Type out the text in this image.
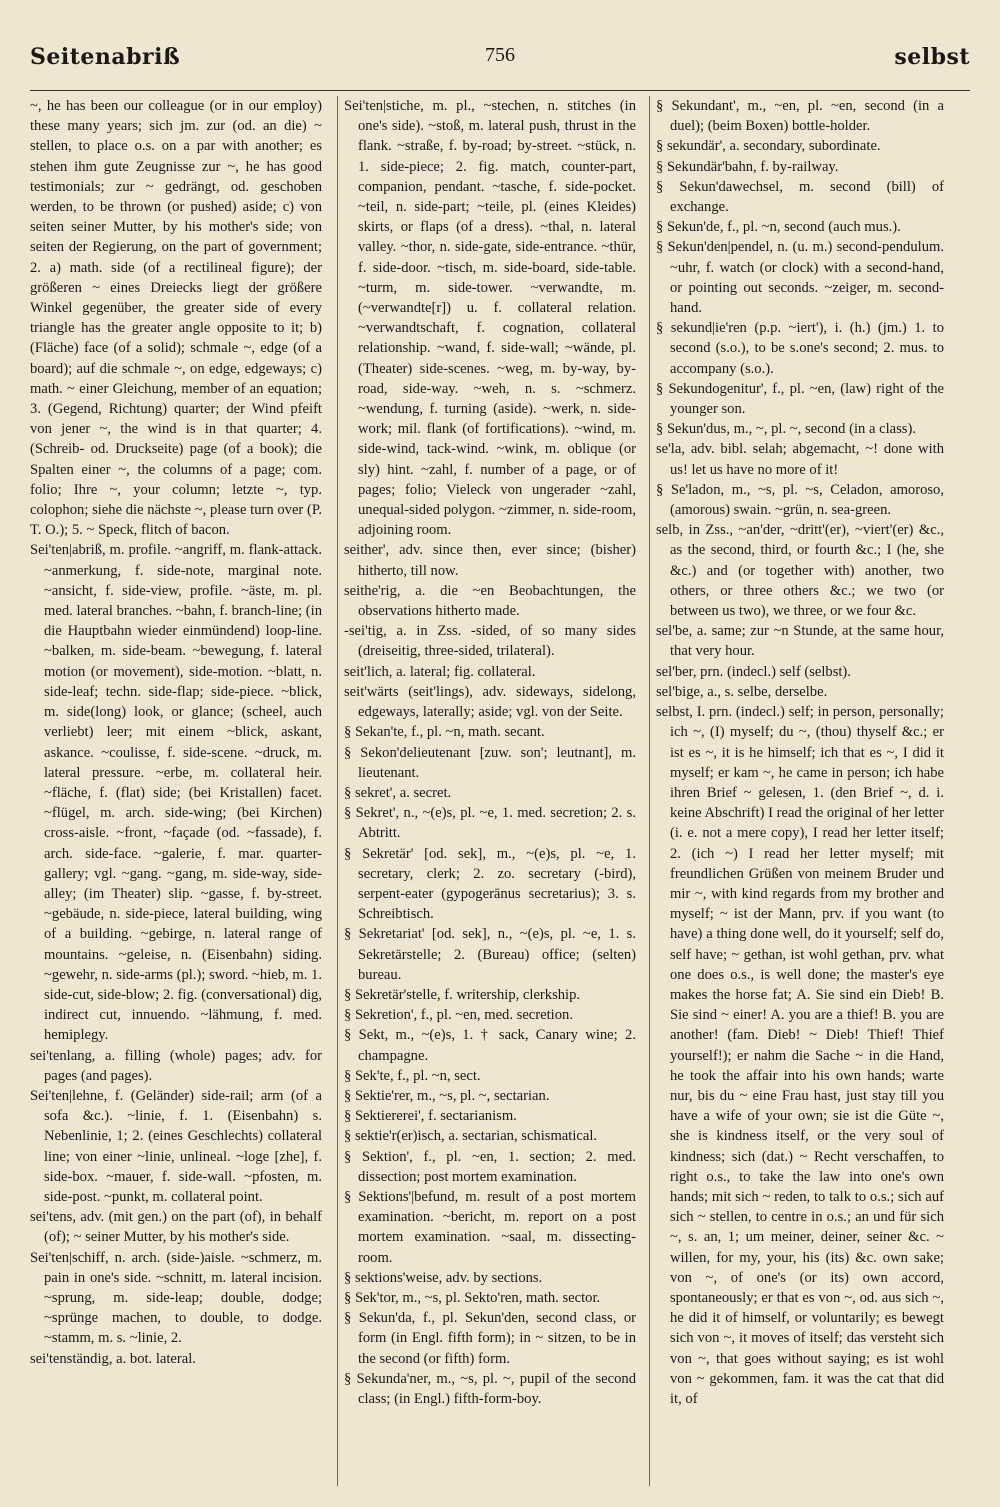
Seitenabriß	756	selbst

~, he has been our colleague (or in our employ) these many years; sich jm. zur (od. an die) ~ stellen, to place o.s. on a par with another; es stehen ihm gute Zeugnisse zur ~, he has good testimonials; zur ~ gedrängt, od. geschoben werden, to be thrown (or pushed) aside; c) von seiten seiner Mutter, by his mother's side; von seiten der Regierung, on the part of government; 2. a) math. side (of a rectilineal figure); der größeren ~ eines Dreiecks liegt der größere Winkel gegenüber, the greater side of every triangle has the greater angle opposite to it; b) (Fläche) face (of a solid); schmale ~, edge (of a board); auf die schmale ~, on edge, edgeways; c) math. ~ einer Gleichung, member of an equation; 3. (Gegend, Richtung) quarter; der Wind pfeift von jener ~, the wind is in that quarter; 4. (Schreib- od. Druckseite) page (of a book); die Spalten einer ~, the columns of a page; com. folio; Ihre ~, your column; letzte ~, typ. colophon; siehe die nächste ~, please turn over (P. T. O.); 5. ~ Speck, flitch of bacon.

Sei'ten|abriß, m. profile. ~angriff, m. flank-attack. ~anmerkung, f. side-note, marginal note. ~ansicht, f. side-view, profile. ~äste, m. pl. med. lateral branches. ~bahn, f. branch-line; (in die Hauptbahn wieder einmündend) loop-line. ~balken, m. side-beam. ~bewegung, f. lateral motion (or movement), side-motion. ~blatt, n. side-leaf; techn. side-flap; side-piece. ~blick, m. side(long) look, or glance; (scheel, auch verliebt) leer; mit einem ~blick, askant, askance. ~coulisse, f. side-scene. ~druck, m. lateral pressure. ~erbe, m. collateral heir. ~fläche, f. (flat) side; (bei Kristallen) facet. ~flügel, m. arch. side-wing; (bei Kirchen) cross-aisle. ~front, ~façade (od. ~fassade), f. arch. side-face. ~galerie, f. mar. quarter-gallery; vgl. ~gang. ~gang, m. side-way, side-alley; (im Theater) slip. ~gasse, f. by-street. ~gebäude, n. side-piece, lateral building, wing of a building. ~gebirge, n. lateral range of mountains. ~geleise, n. (Eisenbahn) siding. ~gewehr, n. side-arms (pl.); sword. ~hieb, m. 1. side-cut, side-blow; 2. fig. (conversational) dig, indirect cut, innuendo. ~lähmung, f. med. hemiplegy.

sei'tenlang, a. filling (whole) pages; adv. for pages (and pages).

Sei'ten|lehne, f. (Geländer) side-rail; arm (of a sofa &c.). ~linie, f. 1. (Eisenbahn) s. Nebenlinie, 1; 2. (eines Geschlechts) collateral line; von einer ~linie, unlineal. ~loge [zhe], f. side-box. ~mauer, f. side-wall. ~pfosten, m. side-post. ~punkt, m. collateral point.

sei'tens, adv. (mit gen.) on the part (of), in behalf (of); ~ seiner Mutter, by his mother's side.

Sei'ten|schiff, n. arch. (side-)aisle. ~schmerz, m. pain in one's side. ~schnitt, m. lateral incision. ~sprung, m. side-leap; double, dodge; ~sprünge machen, to double, to dodge. ~stamm, m. s. ~linie, 2.

sei'tenständig, a. bot. lateral.

Sei'ten|stiche, m. pl., ~stechen, n. stitches (in one's side). ~stoß, m. lateral push, thrust in the flank. ~straße, f. by-road; by-street. ~stück, n. 1. side-piece; 2. fig. match, counter-part, companion, pendant. ~tasche, f. side-pocket. ~teil, n. side-part; ~teile, pl. (eines Kleides) skirts, or flaps (of a dress). ~thal, n. lateral valley. ~thor, n. side-gate, side-entrance. ~thür, f. side-door. ~tisch, m. side-board, side-table. ~turm, m. side-tower. ~verwandte, m. (~verwandte[r]) u. f. collateral relation. ~verwandtschaft, f. cognation, collateral relationship. ~wand, f. side-wall; ~wände, pl. (Theater) side-scenes. ~weg, m. by-way, by-road, side-way. ~weh, n. s. ~schmerz. ~wendung, f. turning (aside). ~werk, n. side-work; mil. flank (of fortifications). ~wind, m. side-wind, tack-wind. ~wink, m. oblique (or sly) hint. ~zahl, f. number of a page, or of pages; folio; Vieleck von ungerader ~zahl, unequal-sided polygon. ~zimmer, n. side-room, adjoining room.

seither', adv. since then, ever since; (bisher) hitherto, till now.

seithe'rig, a. die ~en Beobachtungen, the observations hitherto made.

-sei'tig, a. in Zss. -sided, of so many sides (dreiseitig, three-sided, trilateral).

seit'lich, a. lateral; fig. collateral.

seit'wärts (seit'lings), adv. sideways, sidelong, edgeways, laterally; aside; vgl. von der Seite.

§ Sekan'te, f., pl. ~n, math. secant.

§ Sekon'delieutenant [zuw. son'; leutnant], m. lieutenant.

§ sekret', a. secret.

§ Sekret', n., ~(e)s, pl. ~e, 1. med. secretion; 2. s. Abtritt.

§ Sekretär' [od. sek], m., ~(e)s, pl. ~e, 1. secretary, clerk; 2. zo. secretary (-bird), serpent-eater (gypogerānus secretarius); 3. s. Schreibtisch.

§ Sekretariat' [od. sek], n., ~(e)s, pl. ~e, 1. s. Sekretärstelle; 2. (Bureau) office; (selten) bureau.

§ Sekretär'stelle, f. writership, clerkship.

§ Sekretion', f., pl. ~en, med. secretion.

§ Sekt, m., ~(e)s, 1. † sack, Canary wine; 2. champagne.

§ Sek'te, f., pl. ~n, sect.

§ Sektie'rer, m., ~s, pl. ~, sectarian.

§ Sektiererei', f. sectarianism.

§ sektie'r(er)isch, a. sectarian, schismatical.

§ Sektion', f., pl. ~en, 1. section; 2. med. dissection; post mortem examination.

§ Sektions'|befund, m. result of a post mortem examination. ~bericht, m. report on a post mortem examination. ~saal, m. dissecting-room.

§ sektions'weise, adv. by sections.

§ Sek'tor, m., ~s, pl. Sekto'ren, math. sector.

§ Sekun'da, f., pl. Sekun'den, second class, or form (in Engl. fifth form); in ~ sitzen, to be in the second (or fifth) form.

§ Sekunda'ner, m., ~s, pl. ~, pupil of the second class; (in Engl.) fifth-form-boy.

§ Sekundant', m., ~en, pl. ~en, second (in a duel); (beim Boxen) bottle-holder.

§ sekundär', a. secondary, subordinate.

§ Sekundär'bahn, f. by-railway.

§ Sekun'dawechsel, m. second (bill) of exchange.

§ Sekun'de, f., pl. ~n, second (auch mus.).

§ Sekun'den|pendel, n. (u. m.) second-pendulum. ~uhr, f. watch (or clock) with a second-hand, or pointing out seconds. ~zeiger, m. second-hand.

§ sekund|ie'ren (p.p. ~iert'), i. (h.) (jm.) 1. to second (s.o.), to be s.one's second; 2. mus. to accompany (s.o.).

§ Sekundogenitur', f., pl. ~en, (law) right of the younger son.

§ Sekun'dus, m., ~, pl. ~, second (in a class).

se'la, adv. bibl. selah; abgemacht, ~! done with us! let us have no more of it!

§ Se'ladon, m., ~s, pl. ~s, Celadon, amoroso, (amorous) swain. ~grün, n. sea-green.

selb, in Zss., ~an'der, ~dritt'(er), ~viert'(er) &c., as the second, third, or fourth &c.; I (he, she &c.) and (or together with) another, two others, or three others &c.; we two (or between us two), we three, or we four &c.

sel'be, a. same; zur ~n Stunde, at the same hour, that very hour.

sel'ber, prn. (indecl.) self (selbst).

sel'bige, a., s. selbe, derselbe.

selbst, I. prn. (indecl.) self; in person, personally; ich ~, (I) myself; du ~, (thou) thyself &c.; er ist es ~, it is he himself; ich that es ~, I did it myself; er kam ~, he came in person; ich habe ihren Brief ~ gelesen, 1. (den Brief ~, d. i. keine Abschrift) I read the original of her letter (i. e. not a mere copy), I read her letter itself; 2. (ich ~) I read her letter myself; mit freundlichen Grüßen von meinem Bruder und mir ~, with kind regards from my brother and myself; ~ ist der Mann, prv. if you want (to have) a thing done well, do it yourself; self do, self have; ~ gethan, ist wohl gethan, prv. what one does o.s., is well done; the master's eye makes the horse fat; A. Sie sind ein Dieb! B. Sie sind ~ einer! A. you are a thief! B. you are another! (fam. Dieb! ~ Dieb! Thief! Thief yourself!); er nahm die Sache ~ in die Hand, he took the affair into his own hands; warte nur, bis du ~ eine Frau hast, just stay till you have a wife of your own; sie ist die Güte ~, she is kindness itself, or the very soul of kindness; sich (dat.) ~ Recht verschaffen, to right o.s., to take the law into one's own hands; mit sich ~ reden, to talk to o.s.; sich auf sich ~ stellen, to centre in o.s.; an und für sich ~, s. an, 1; um meiner, deiner, seiner &c. ~ willen, for my, your, his (its) &c. own sake; von ~, of one's (or its) own accord, spontaneously; er that es von ~, od. aus sich ~, he did it of himself, or voluntarily; es bewegt sich von ~, it moves of itself; das versteht sich von ~, that goes without saying; es ist wohl von ~ gekommen, fam. it was the cat that did it, of
